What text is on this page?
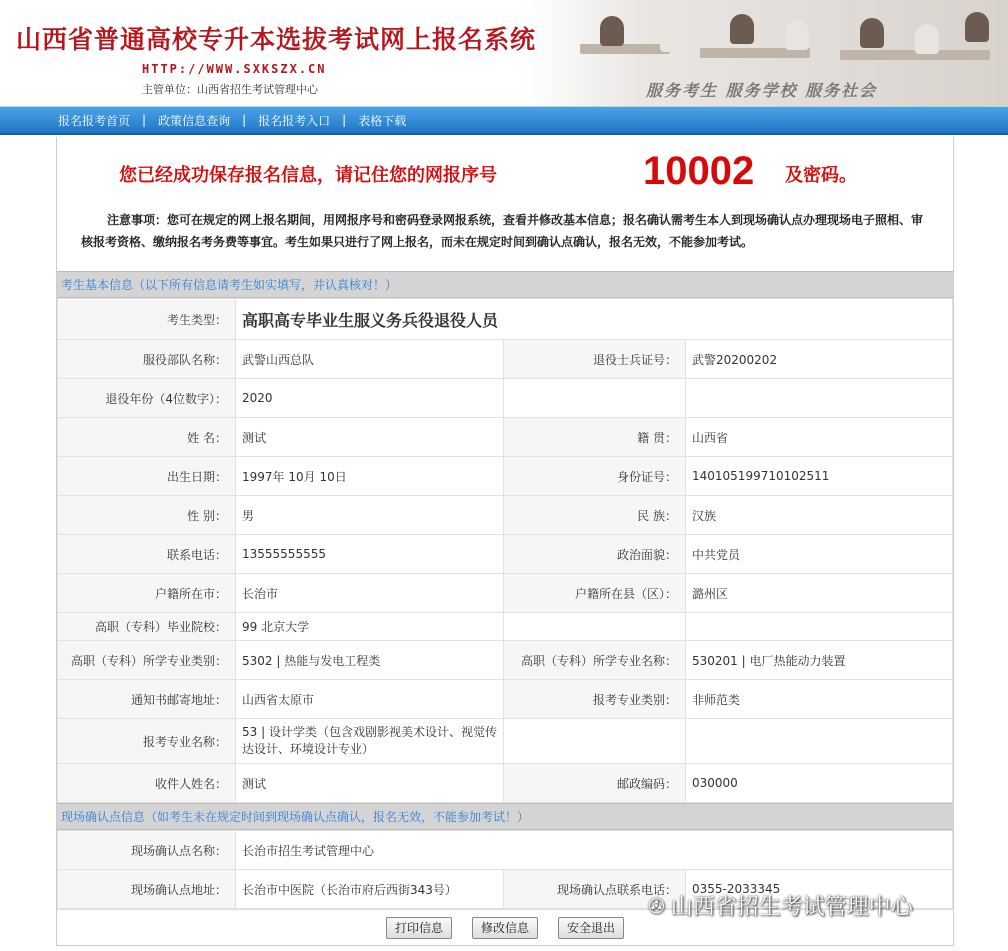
山西省普通高校专升本选拔考试网上报名系统
HTTP://WWW.SXKSZX.CN
主管单位：山西省招生考试管理中心	服务考生 服务学校 服务社会
报名报考首页 | 政策信息查询 | 报名报考入口 | 表格下载
您已经成功保存报名信息，请记住您的网报序号	10002 及密码。
注意事项：您可在规定的网上报名期间，用网报序号和密码登录网报系统，查看并修改基本信息；报名确认需考生本人到现场确认点办理现场电子照相、审核报考资格、缴纳报名考务费等事宜。考生如果只进行了网上报名，而未在规定时间到确认点确认，报名无效，不能参加考试。
考生基本信息（以下所有信息请考生如实填写，并认真核对！）
考生类型：	高职高专毕业生服义务兵役退役人员		
服役部队名称：	武警山西总队	退役士兵证号：	武警20200202
退役年份（4位数字）：	2020		
姓 名：	测试	籍 贯：	山西省
出生日期：	1997年 10月 10日	身份证号：	140105199710102511
性 别：	男	民 族：	汉族
联系电话：	13555555555	政治面貌：	中共党员
户籍所在市：	长治市	户籍所在县（区）：	潞州区
高职（专科）毕业院校：	99 北京大学		
高职（专科）所学专业类别：	5302 | 热能与发电工程类	高职（专科）所学专业名称：	530201 | 电厂热能动力装置
通知书邮寄地址：	山西省太原市	报考专业类别：	非师范类
报考专业名称：	53 | 设计学类（包含戏剧影视美术设计、视觉传达设计、环境设计专业）		
收件人姓名：	测试	邮政编码：	030000
现场确认点信息（如考生未在规定时间到现场确认点确认，报名无效，不能参加考试！）
现场确认点名称：	长治市招生考试管理中心		
现场确认点地址：	长治市中医院（长治市府后西街343号）	现场确认点联系电话：	0355-2033345
打印信息	修改信息	安全退出
✇ 山西省招生考试管理中心
